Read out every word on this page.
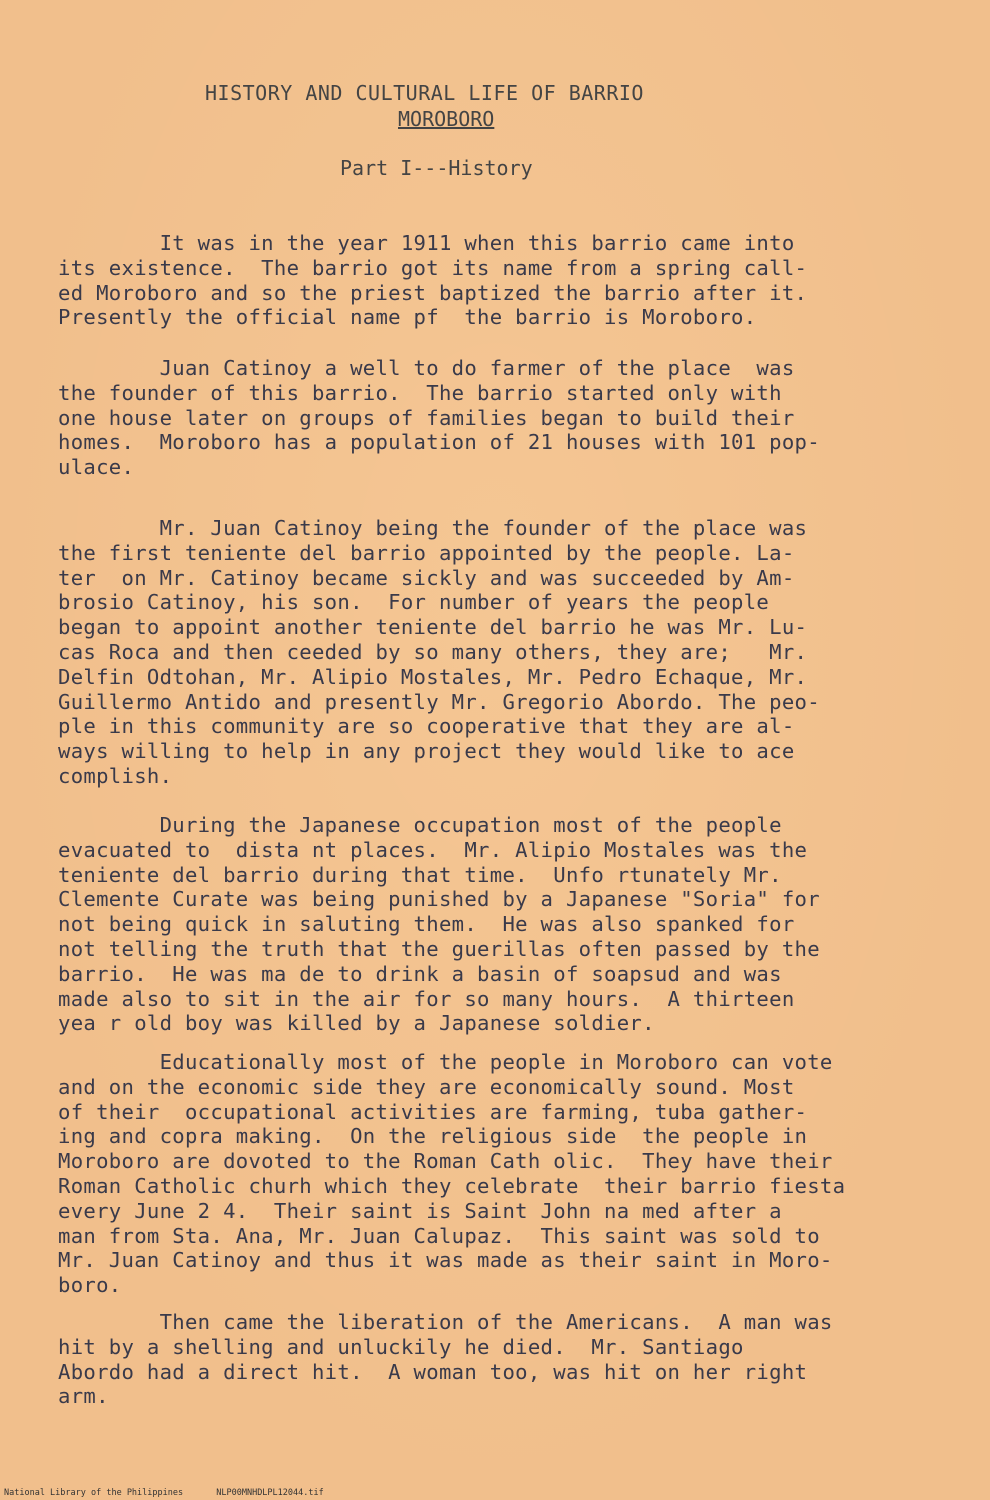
HISTORY AND CULTURAL LIFE OF BARRIO
MOROBORO
Part I---History
It was in the year 1911 when this barrio came into
its existence.  The barrio got its name from a spring call-
ed Moroboro and so the priest baptized the barrio after it.
Presently the official name pf  the barrio is Moroboro.
Juan Catinoy a well to do farmer of the place  was
the founder of this barrio.  The barrio started only with
one house later on groups of families began to build their
homes.  Moroboro has a population of 21 houses with 101 pop-
ulace.
Mr. Juan Catinoy being the founder of the place was
the first teniente del barrio appointed by the people. La-
ter  on Mr. Catinoy became sickly and was succeeded by Am-
brosio Catinoy, his son.  For number of years the people
began to appoint another teniente del barrio he was Mr. Lu-
cas Roca and then ceeded by so many others, they are;   Mr.
Delfin Odtohan, Mr. Alipio Mostales, Mr. Pedro Echaque, Mr.
Guillermo Antido and presently Mr. Gregorio Abordo. The peo-
ple in this community are so cooperative that they are al-
ways willing to help in any project they would like to ace
complish.
During the Japanese occupation most of the people
evacuated to  dista nt places.  Mr. Alipio Mostales was the
teniente del barrio during that time.  Unfo rtunately Mr.
Clemente Curate was being punished by a Japanese "Soria" for
not being quick in saluting them.  He was also spanked for
not telling the truth that the guerillas often passed by the
barrio.  He was ma de to drink a basin of soapsud and was
made also to sit in the air for so many hours.  A thirteen
yea r old boy was killed by a Japanese soldier.
Educationally most of the people in Moroboro can vote
and on the economic side they are economically sound. Most
of their  occupational activities are farming, tuba gather-
ing and copra making.  On the religious side  the people in
Moroboro are dovoted to the Roman Cath olic.  They have their
Roman Catholic churh which they celebrate  their barrio fiesta
every June 2 4.  Their saint is Saint John na med after a
man from Sta. Ana, Mr. Juan Calupaz.  This saint was sold to
Mr. Juan Catinoy and thus it was made as their saint in Moro-
boro.
Then came the liberation of the Americans.  A man was
hit by a shelling and unluckily he died.  Mr. Santiago
Abordo had a direct hit.  A woman too, was hit on her right
arm.
National Library of the Philippines	NLP00MNHDLPL12044.tif
